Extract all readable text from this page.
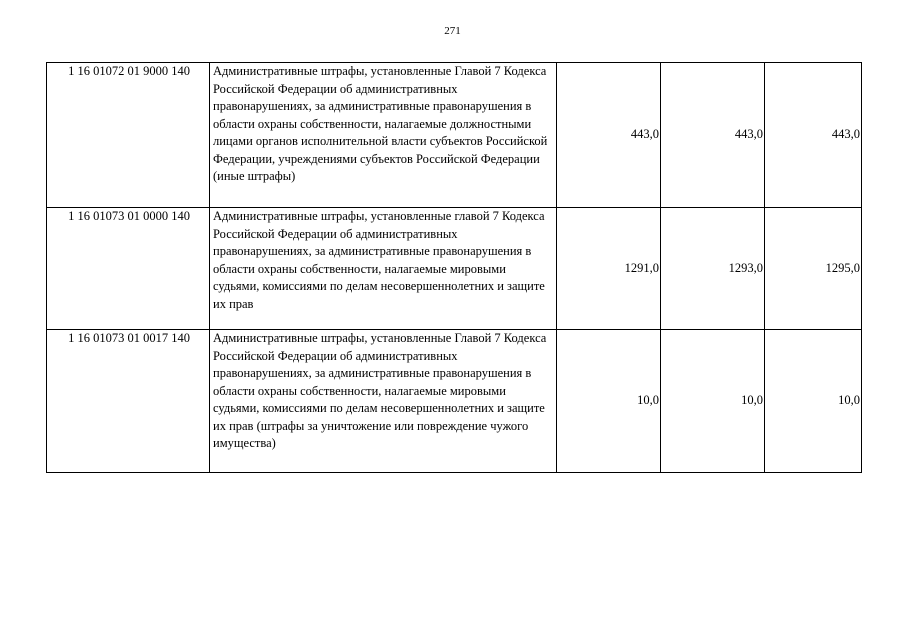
271
1 16 01072 01 9000 140	Административные штрафы, установленные Главой 7 Кодекса Российской Федерации об административных правонарушениях, за административные правонарушения в области охраны собственности, налагаемые должностными лицами органов исполнительной власти субъектов Российской Федерации, учреждениями субъектов Российской Федерации (иные штрафы)	443,0	443,0	443,0
1 16 01073 01 0000 140	Административные штрафы, установленные главой 7 Кодекса Российской Федерации об административных правонарушениях, за административные правонарушения в области охраны собственности, налагаемые мировыми судьями, комиссиями по делам несовершеннолетних и защите их прав	1291,0	1293,0	1295,0
1 16 01073 01 0017 140	Административные штрафы, установленные Главой 7 Кодекса Российской Федерации об административных правонарушениях, за административные правонарушения в области охраны собственности, налагаемые мировыми судьями, комиссиями по делам несовершеннолетних и защите их прав (штрафы за уничтожение или повреждение чужого имущества)	10,0	10,0	10,0
